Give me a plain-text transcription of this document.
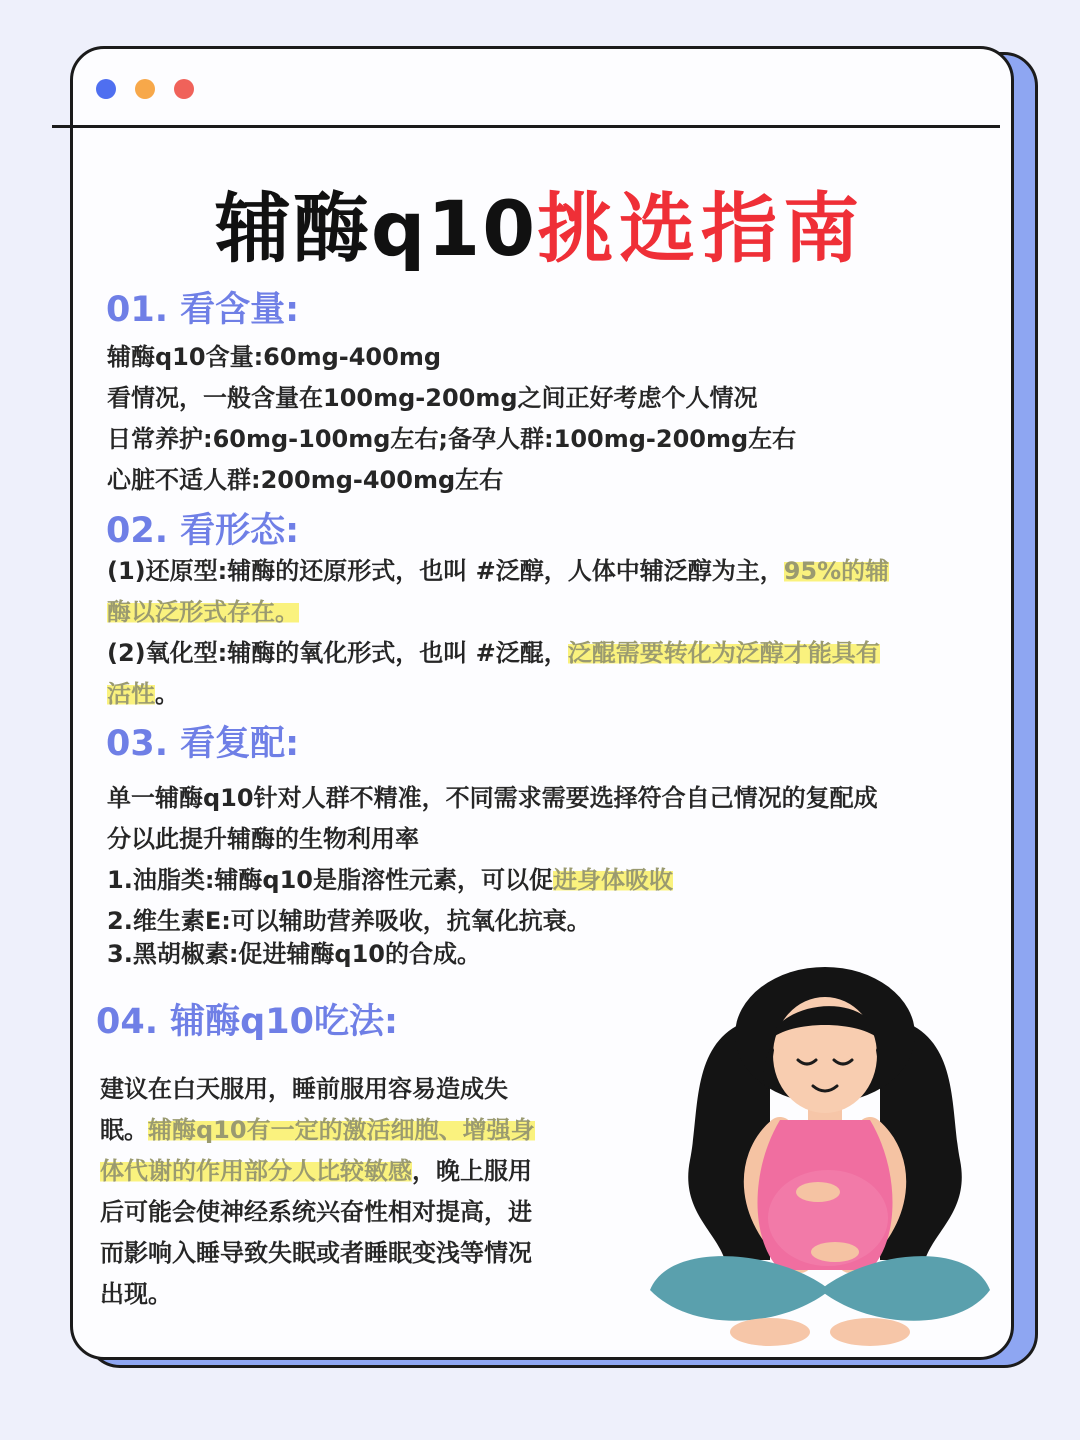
辅酶q10挑选指南
01. 看含量:
辅酶q10含量:60mg-400mg
看情况，一般含量在100mg-200mg之间正好考虑个人情况
日常养护:60mg-100mg左右;备孕人群:100mg-200mg左右
心脏不适人群:200mg-400mg左右
02. 看形态:
(1)还原型:辅酶的还原形式，也叫 #泛醇，人体中辅泛醇为主，95%的辅
酶以泛形式存在。
(2)氧化型:辅酶的氧化形式，也叫 #泛醌，泛醌需要转化为泛醇才能具有
活性。
03. 看复配:
单一辅酶q10针对人群不精准，不同需求需要选择符合自己情况的复配成
分以此提升辅酶的生物利用率
1.油脂类:辅酶q10是脂溶性元素，可以促进身体吸收
2.维生素E:可以辅助营养吸收，抗氧化抗衰。
3.黑胡椒素:促进辅酶q10的合成。
04. 辅酶q10吃法:
建议在白天服用，睡前服用容易造成失
眠。辅酶q10有一定的激活细胞、增强身
体代谢的作用部分人比较敏感，晚上服用
后可能会使神经系统兴奋性相对提高，进
而影响入睡导致失眠或者睡眠变浅等情况
出现。
